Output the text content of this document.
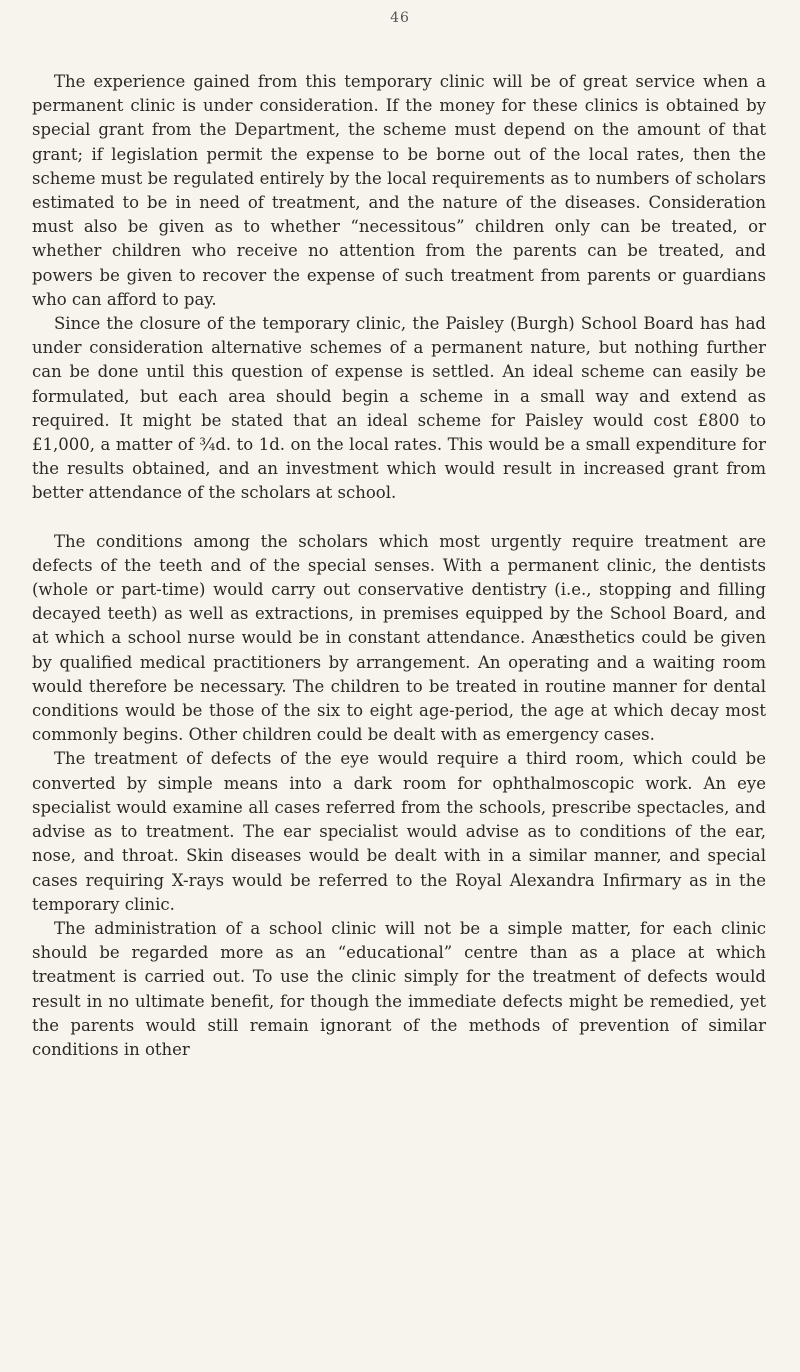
46

The experience gained from this temporary clinic will be of great service when a permanent clinic is under consideration. If the money for these clinics is obtained by special grant from the Department, the scheme must depend on the amount of that grant; if legislation permit the expense to be borne out of the local rates, then the scheme must be regulated entirely by the local requirements as to numbers of scholars estimated to be in need of treatment, and the nature of the diseases. Consideration must also be given as to whether “necessitous” children only can be treated, or whether children who receive no attention from the parents can be treated, and powers be given to recover the expense of such treatment from parents or guardians who can afford to pay.

Since the closure of the temporary clinic, the Paisley (Burgh) School Board has had under consideration alternative schemes of a permanent nature, but nothing further can be done until this question of expense is settled. An ideal scheme can easily be formulated, but each area should begin a scheme in a small way and extend as required. It might be stated that an ideal scheme for Paisley would cost £800 to £1,000, a matter of ¾d. to 1d. on the local rates. This would be a small expenditure for the results obtained, and an investment which would result in increased grant from better attendance of the scholars at school.

The conditions among the scholars which most urgently require treatment are defects of the teeth and of the special senses. With a permanent clinic, the dentists (whole or part-time) would carry out conservative dentistry (i.e., stopping and filling decayed teeth) as well as extractions, in premises equipped by the School Board, and at which a school nurse would be in constant attendance. Anæsthetics could be given by qualified medical practitioners by arrangement. An operating and a waiting room would therefore be necessary. The children to be treated in routine manner for dental conditions would be those of the six to eight age-period, the age at which decay most commonly begins. Other children could be dealt with as emergency cases.

The treatment of defects of the eye would require a third room, which could be converted by simple means into a dark room for ophthalmoscopic work. An eye specialist would examine all cases referred from the schools, prescribe spectacles, and advise as to treatment. The ear specialist would advise as to conditions of the ear, nose, and throat. Skin diseases would be dealt with in a similar manner, and special cases requiring X-rays would be referred to the Royal Alexandra Infirmary as in the temporary clinic.

The administration of a school clinic will not be a simple matter, for each clinic should be regarded more as an “educational” centre than as a place at which treatment is carried out. To use the clinic simply for the treatment of defects would result in no ultimate benefit, for though the immediate defects might be remedied, yet the parents would still remain ignorant of the methods of prevention of similar conditions in other
